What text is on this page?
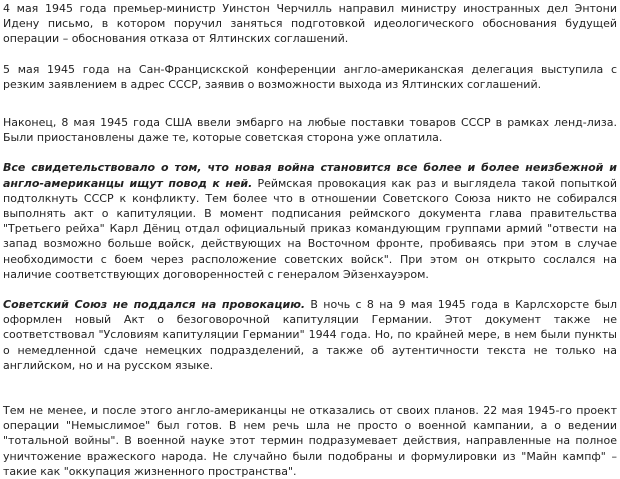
4 мая 1945 года премьер-министр Уинстон Черчилль направил министру иностранных дел Энтони Идену письмо, в котором поручил заняться подготовкой идеологического обоснования будущей операции – обоснования отказа от Ялтинских соглашений.

5 мая 1945 года на Сан-Францискской конференции англо-американская делегация выступила с резким заявлением в адрес СССР, заявив о возможности выхода из Ялтинских соглашений.

Наконец, 8 мая 1945 года США ввели эмбарго на любые поставки товаров СССР в рамках ленд-лиза. Были приостановлены даже те, которые советская сторона уже оплатила.

Все свидетельствовало о том, что новая война становится все более и более неизбежной и англо-американцы ищут повод к ней. Реймская провокация как раз и выглядела такой попыткой подтолкнуть СССР к конфликту. Тем более что в отношении Советского Союза никто не собирался выполнять акт о капитуляции. В момент подписания реймского документа глава правительства "Третьего рейха" Карл Дёниц отдал официальный приказ командующим группами армий "отвести на запад возможно больше войск, действующих на Восточном фронте, пробиваясь при этом в случае необходимости с боем через расположение советских войск". При этом он открыто сослался на наличие соответствующих договоренностей с генералом Эйзенхауэром.

Советский Союз не поддался на провокацию. В ночь с 8 на 9 мая 1945 года в Карлсхорсте был оформлен новый Акт о безоговорочной капитуляции Германии. Этот документ также не соответствовал "Условиям капитуляции Германии" 1944 года. Но, по крайней мере, в нем были пункты о немедленной сдаче немецких подразделений, а также об аутентичности текста не только на английском, но и на русском языке.

Тем не менее, и после этого англо-американцы не отказались от своих планов. 22 мая 1945-го проект операции "Немыслимое" был готов. В нем речь шла не просто о военной кампании, а о ведении "тотальной войны". В военной науке этот термин подразумевает действия, направленные на полное уничтожение вражеского народа. Не случайно были подобраны и формулировки из "Майн кампф" – такие как "оккупация жизненного пространства".
